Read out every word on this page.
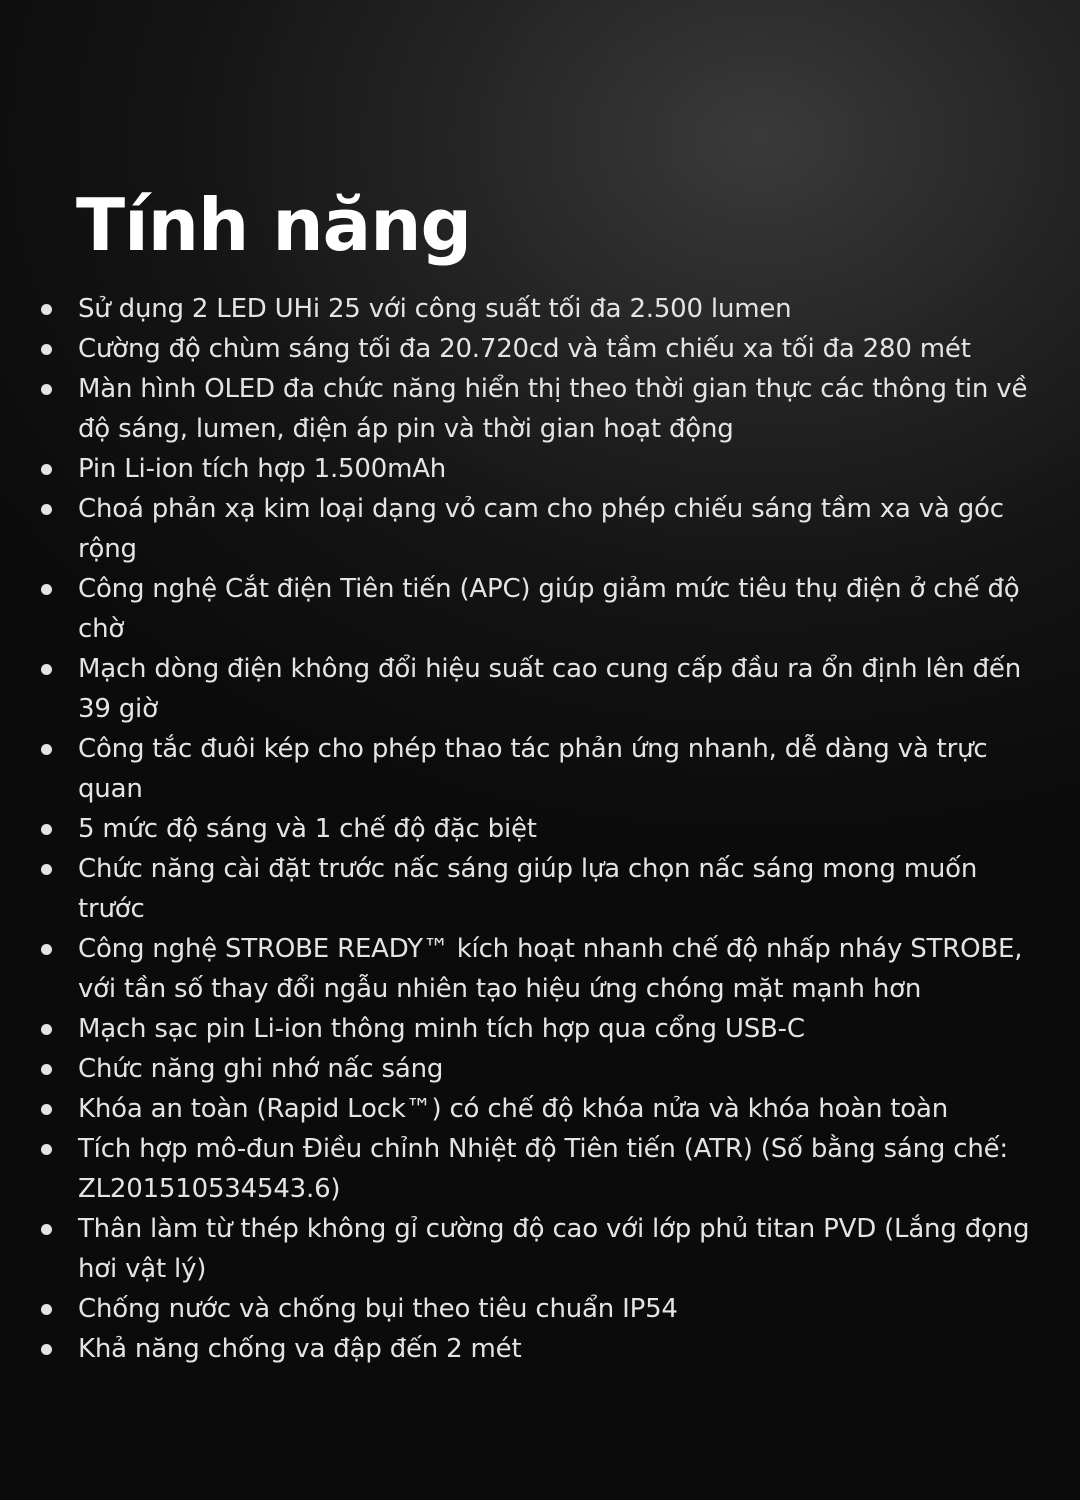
Tính năng
Sử dụng 2 LED UHi 25 với công suất tối đa 2.500 lumen
Cường độ chùm sáng tối đa 20.720cd và tầm chiếu xa tối đa 280 mét
Màn hình OLED đa chức năng hiển thị theo thời gian thực các thông tin về độ sáng, lumen, điện áp pin và thời gian hoạt động
Pin Li-ion tích hợp 1.500mAh
Choá phản xạ kim loại dạng vỏ cam cho phép chiếu sáng tầm xa và góc rộng
Công nghệ Cắt điện Tiên tiến (APC) giúp giảm mức tiêu thụ điện ở chế độ chờ
Mạch dòng điện không đổi hiệu suất cao cung cấp đầu ra ổn định lên đến 39 giờ
Công tắc đuôi kép cho phép thao tác phản ứng nhanh, dễ dàng và trực quan
5 mức độ sáng và 1 chế độ đặc biệt
Chức năng cài đặt trước nấc sáng giúp lựa chọn nấc sáng mong muốn trước
Công nghệ STROBE READY™ kích hoạt nhanh chế độ nhấp nháy STROBE, với tần số thay đổi ngẫu nhiên tạo hiệu ứng chóng mặt mạnh hơn
Mạch sạc pin Li-ion thông minh tích hợp qua cổng USB-C
Chức năng ghi nhớ nấc sáng
Khóa an toàn (Rapid Lock™) có chế độ khóa nửa và khóa hoàn toàn
Tích hợp mô-đun Điều chỉnh Nhiệt độ Tiên tiến (ATR) (Số bằng sáng chế: ZL201510534543.6)
Thân làm từ thép không gỉ cường độ cao với lớp phủ titan PVD (Lắng đọng hơi vật lý)
Chống nước và chống bụi theo tiêu chuẩn IP54
Khả năng chống va đập đến 2 mét
